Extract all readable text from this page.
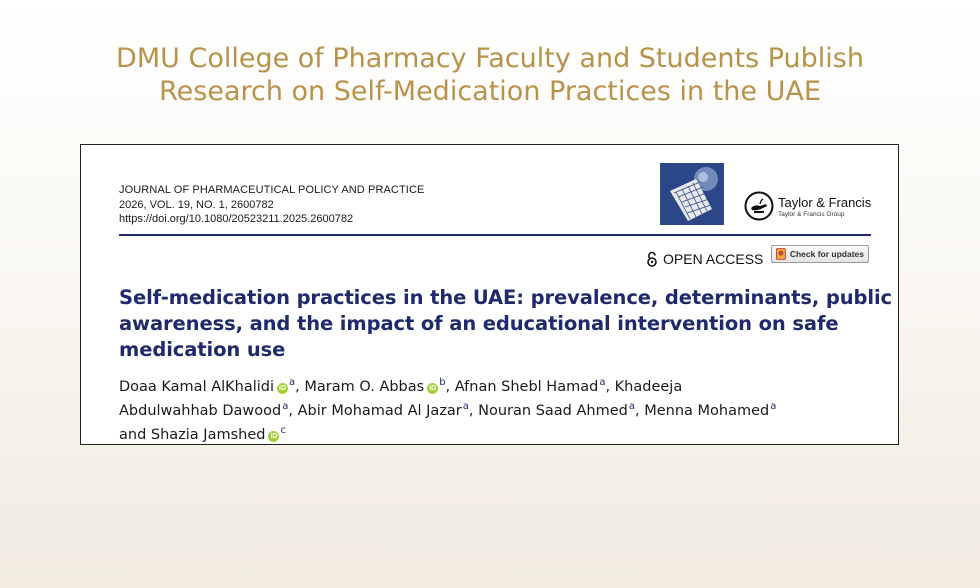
DMU College of Pharmacy Faculty and Students Publish
Research on Self-Medication Practices in the UAE
JOURNAL OF PHARMACEUTICAL POLICY AND PRACTICE
2026, VOL. 19, NO. 1, 2600782
https://doi.org/10.1080/20523211.2025.2600782
Taylor & Francis
Taylor & Francis Group
OPEN ACCESS	Check for updates
Self-medication practices in the UAE: prevalence, determinants, public
awareness, and the impact of an educational intervention on safe
medication use
Doaa Kamal AlKhalidi iD$^a$, Maram O. Abbas iD$^b$, Afnan Shebl Hamad$^a$, Khadeeja
Abdulwahhab Dawood$^a$, Abir Mohamad Al Jazar$^a$, Nouran Saad Ahmed$^a$, Menna Mohamed$^a$
and Shazia Jamshed iD$^c$
